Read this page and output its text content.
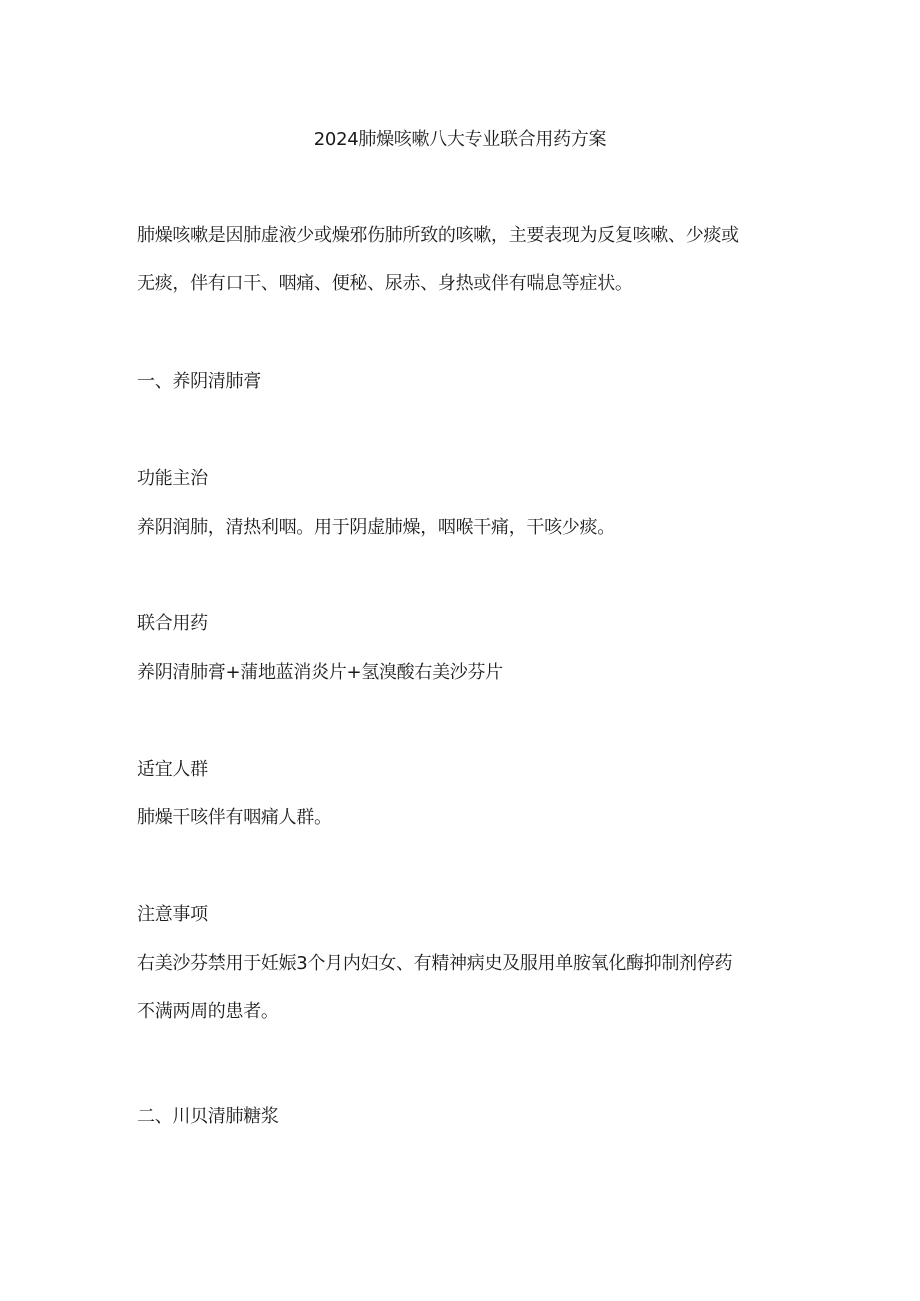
2024肺燥咳嗽八大专业联合用药方案
肺燥咳嗽是因肺虚液少或燥邪伤肺所致的咳嗽，主要表现为反复咳嗽、少痰或
无痰，伴有口干、咽痛、便秘、尿赤、身热或伴有喘息等症状。
一、养阴清肺膏
功能主治
养阴润肺，清热利咽。用于阴虚肺燥，咽喉干痛，干咳少痰。
联合用药
养阴清肺膏+蒲地蓝消炎片+氢溴酸右美沙芬片
适宜人群
肺燥干咳伴有咽痛人群。
注意事项
右美沙芬禁用于妊娠3个月内妇女、有精神病史及服用单胺氧化酶抑制剂停药
不满两周的患者。
二、川贝清肺糖浆
